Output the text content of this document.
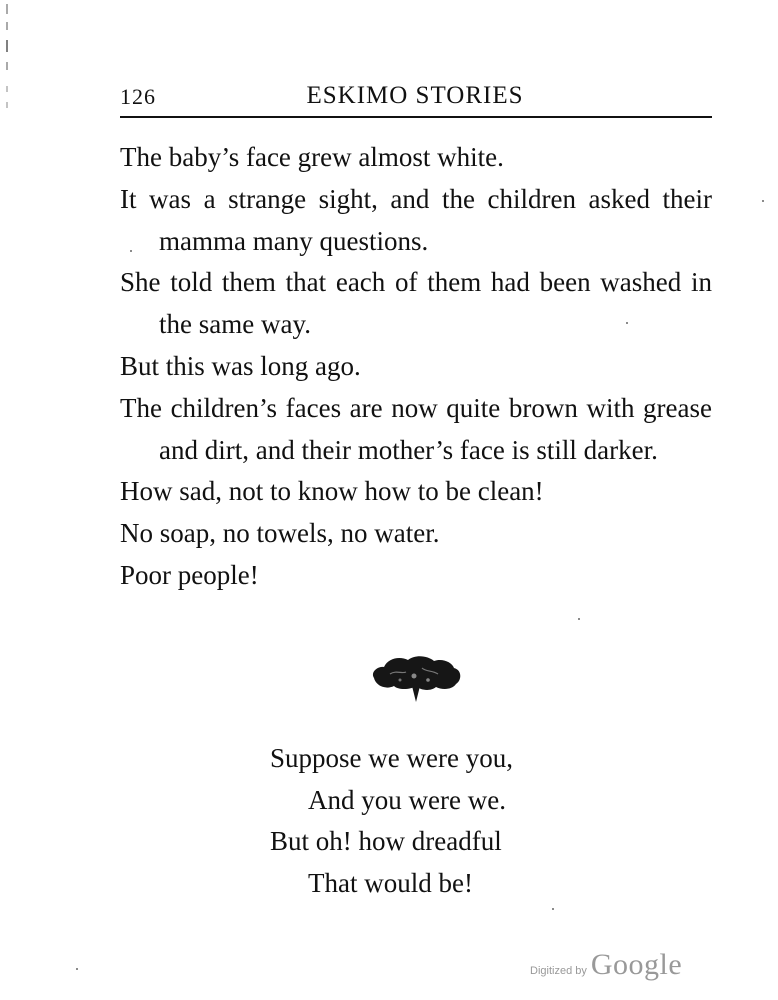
126	ESKIMO STORIES

The baby’s face grew almost white.

It was a strange sight, and the children asked their mamma many questions.

She told them that each of them had been washed in the same way.

But this was long ago.

The children’s faces are now quite brown with grease and dirt, and their mother’s face is still darker.

How sad, not to know how to be clean!

No soap, no towels, no water.

Poor people!

Suppose we were you,
And you were we.
But oh! how dreadful
That would be!
Digitized by Google
